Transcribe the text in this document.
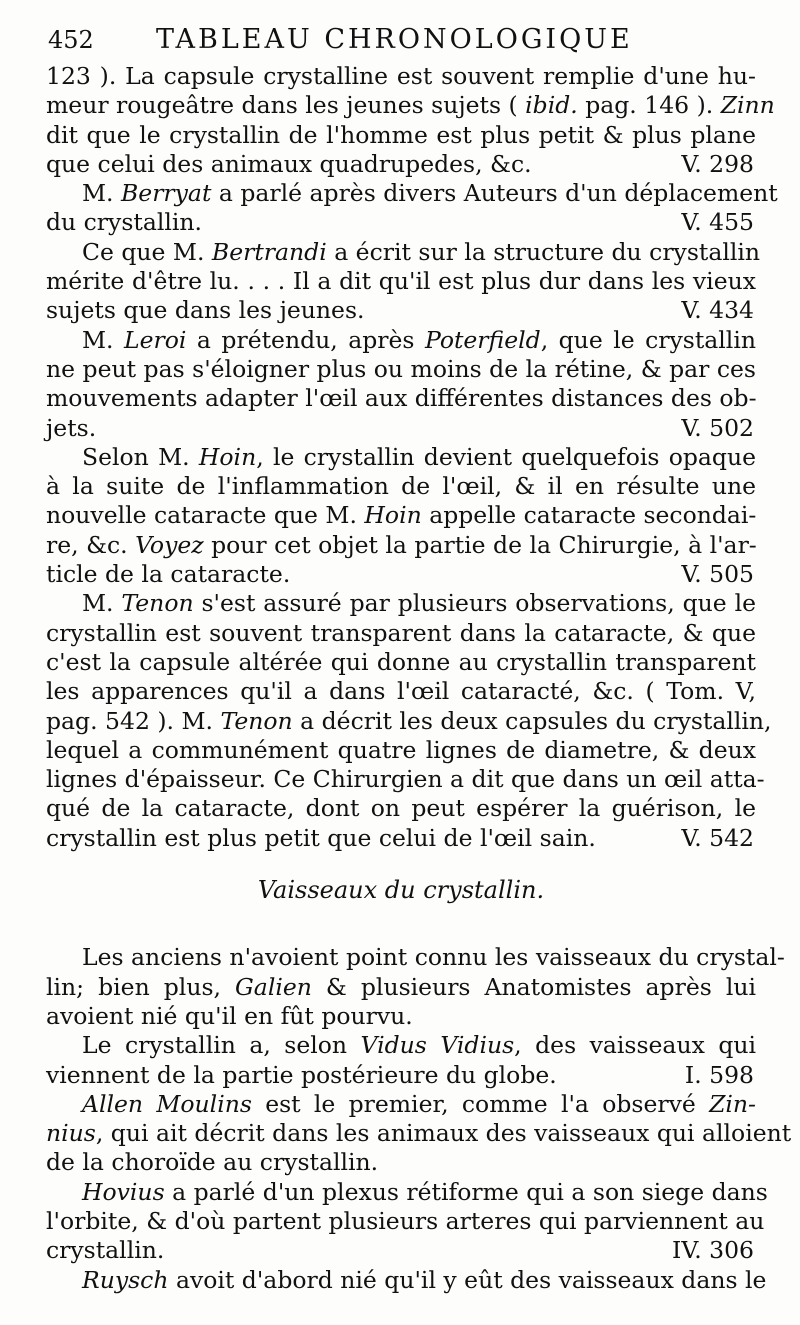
452 TABLEAU CHRONOLOGIQUE
123 ). La capsule crystalline est souvent remplie d'une hu-
meur rougeâtre dans les jeunes sujets ( ibid. pag. 146 ). Zinn
dit que le crystallin de l'homme est plus petit & plus plane
que celui des animaux quadrupedes, &c.	V. 298
M. Berryat a parlé après divers Auteurs d'un déplacement
du crystallin.	V. 455
Ce que M. Bertrandi a écrit sur la structure du crystallin
mérite d'être lu. . . . Il a dit qu'il est plus dur dans les vieux
sujets que dans les jeunes.	V. 434
M. Leroi a prétendu, après Poterfield, que le crystallin
ne peut pas s'éloigner plus ou moins de la rétine, & par ces
mouvements adapter l'œil aux différentes distances des ob-
jets.	V. 502
Selon M. Hoin, le crystallin devient quelquefois opaque
à la suite de l'inflammation de l'œil, & il en résulte une
nouvelle cataracte que M. Hoin appelle cataracte secondai-
re, &c. Voyez pour cet objet la partie de la Chirurgie, à l'ar-
ticle de la cataracte.	V. 505
M. Tenon s'est assuré par plusieurs observations, que le
crystallin est souvent transparent dans la cataracte, & que
c'est la capsule altérée qui donne au crystallin transparent
les apparences qu'il a dans l'œil cataracté, &c. ( Tom. V,
pag. 542 ). M. Tenon a décrit les deux capsules du crystallin,
lequel a communément quatre lignes de diametre, & deux
lignes d'épaisseur. Ce Chirurgien a dit que dans un œil atta-
qué de la cataracte, dont on peut espérer la guérison, le
crystallin est plus petit que celui de l'œil sain.	V. 542
Vaisseaux du crystallin.
Les anciens n'avoient point connu les vaisseaux du crystal-
lin; bien plus, Galien & plusieurs Anatomistes après lui
avoient nié qu'il en fût pourvu.
Le crystallin a, selon Vidus Vidius, des vaisseaux qui
viennent de la partie postérieure du globe.	I. 598
Allen Moulins est le premier, comme l'a observé Zin-
nius, qui ait décrit dans les animaux des vaisseaux qui alloient
de la choroïde au crystallin.
Hovius a parlé d'un plexus rétiforme qui a son siege dans
l'orbite, & d'où partent plusieurs arteres qui parviennent au
crystallin.	IV. 306
Ruysch avoit d'abord nié qu'il y eût des vaisseaux dans le
